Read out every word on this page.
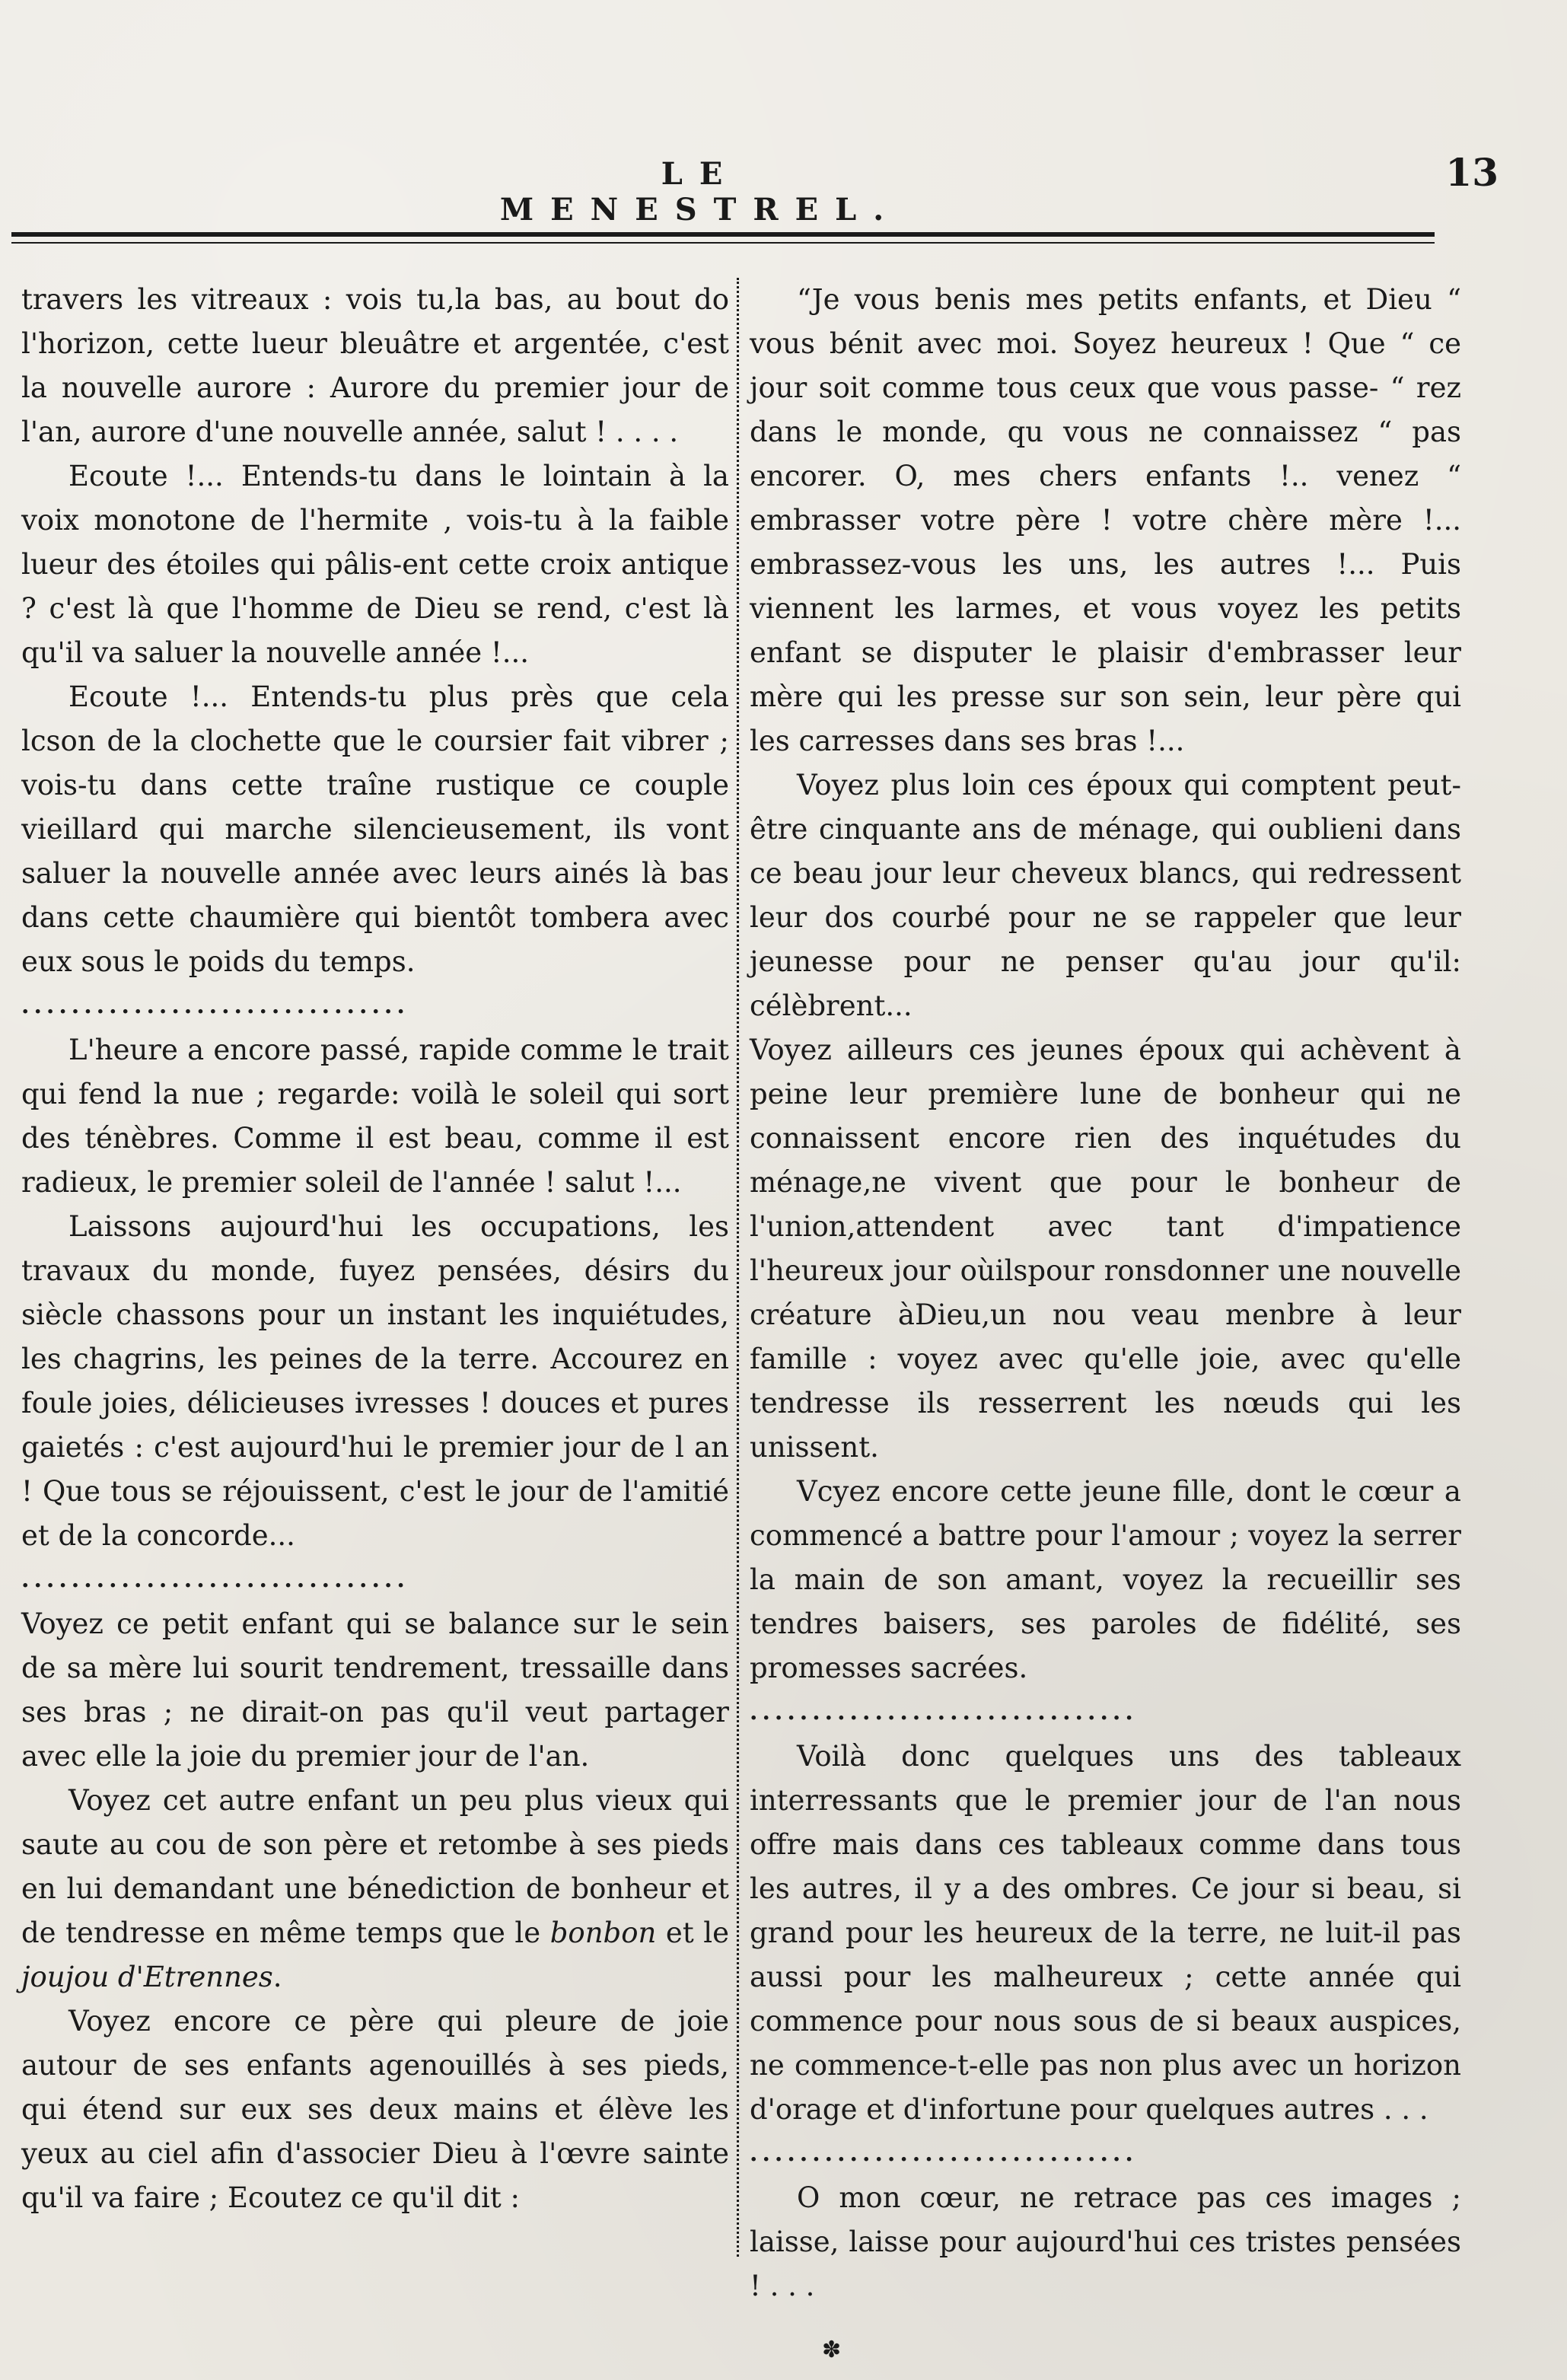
LE MENESTREL.
13

travers les vitreaux : vois tu,la bas, au bout do l'horizon, cette lueur bleuâtre et argentée, c'est la nouvelle aurore : Aurore du premier jour de l'an, aurore d'une nouvelle année, salut ! . . . .

Ecoute !... Entends-tu dans le lointain à la voix monotone de l'hermite , vois-tu à la faible lueur des étoiles qui pâlis-ent cette croix antique ? c'est là que l'homme de Dieu se rend, c'est là qu'il va saluer la nouvelle année !...

Ecoute !... Entends-tu plus près que cela lcson de la clochette que le coursier fait vibrer ; vois-tu dans cette traîne rustique ce couple vieillard qui marche silencieusement, ils vont saluer la nouvelle année avec leurs ainés là bas dans cette chaumière qui bientôt tombera avec eux sous le poids du temps.

...............................

L'heure a encore passé, rapide comme le trait qui fend la nue ; regarde: voilà le soleil qui sort des ténèbres. Comme il est beau, comme il est radieux, le premier soleil de l'année ! salut !...

Laissons aujourd'hui les occupations, les travaux du monde, fuyez pensées, désirs du siècle chassons pour un instant les inquiétudes, les chagrins, les peines de la terre. Accourez en foule joies, délicieuses ivresses ! douces et pures gaietés : c'est aujourd'hui le premier jour de l an ! Que tous se réjouissent, c'est le jour de l'amitié et de la concorde...

...............................

Voyez ce petit enfant qui se balance sur le sein de sa mère lui sourit tendrement, tressaille dans ses bras ; ne dirait-on pas qu'il veut partager avec elle la joie du premier jour de l'an.

Voyez cet autre enfant un peu plus vieux qui saute au cou de son père et retombe à ses pieds en lui demandant une bénediction de bonheur et de tendresse en même temps que le bonbon et le joujou d'Etrennes.

Voyez encore ce père qui pleure de joie autour de ses enfants agenouillés à ses pieds, qui étend sur eux ses deux mains et élève les yeux au ciel afin d'associer Dieu à l'œvre sainte qu'il va faire ; Ecoutez ce qu'il dit :

“Je vous benis mes petits enfants, et Dieu “ vous bénit avec moi. Soyez heureux ! Que “ ce jour soit comme tous ceux que vous passe- “ rez dans le monde, qu vous ne connaissez “ pas encorer. O, mes chers enfants !.. venez “ embrasser votre père ! votre chère mère !... embrassez-vous les uns, les autres !... Puis viennent les larmes, et vous voyez les petits enfant se disputer le plaisir d'embrasser leur mère qui les presse sur son sein, leur père qui les carresses dans ses bras !...

Voyez plus loin ces époux qui comptent peut-être cinquante ans de ménage, qui oublieni dans ce beau jour leur cheveux blancs, qui redressent leur dos courbé pour ne se rappeler que leur jeunesse pour ne penser qu'au jour qu'il: célèbrent...

Voyez ailleurs ces jeunes époux qui achèvent à peine leur première lune de bonheur qui ne connaissent encore rien des inquétudes du ménage,ne vivent que pour le bonheur de l'union,attendent avec tant d'impatience l'heureux jour oùilspour ronsdonner une nouvelle créature àDieu,un nou veau menbre à leur famille : voyez avec qu'elle joie, avec qu'elle tendresse ils resserrent les nœuds qui les unissent.

Vcyez encore cette jeune fille, dont le cœur a commencé a battre pour l'amour ; voyez la serrer la main de son amant, voyez la recueillir ses tendres baisers, ses paroles de fidélité, ses promesses sacrées.

...............................

Voilà donc quelques uns des tableaux interressants que le premier jour de l'an nous offre mais dans ces tableaux comme dans tous les autres, il y a des ombres. Ce jour si beau, si grand pour les heureux de la terre, ne luit-il pas aussi pour les malheureux ; cette année qui commence pour nous sous de si beaux auspices, ne commence-t-elle pas non plus avec un horizon d'orage et d'infortune pour quelques autres . . .

...............................

O mon cœur, ne retrace pas ces images ; laisse, laisse pour aujourd'hui ces tristes pensées ! . . .

✽
